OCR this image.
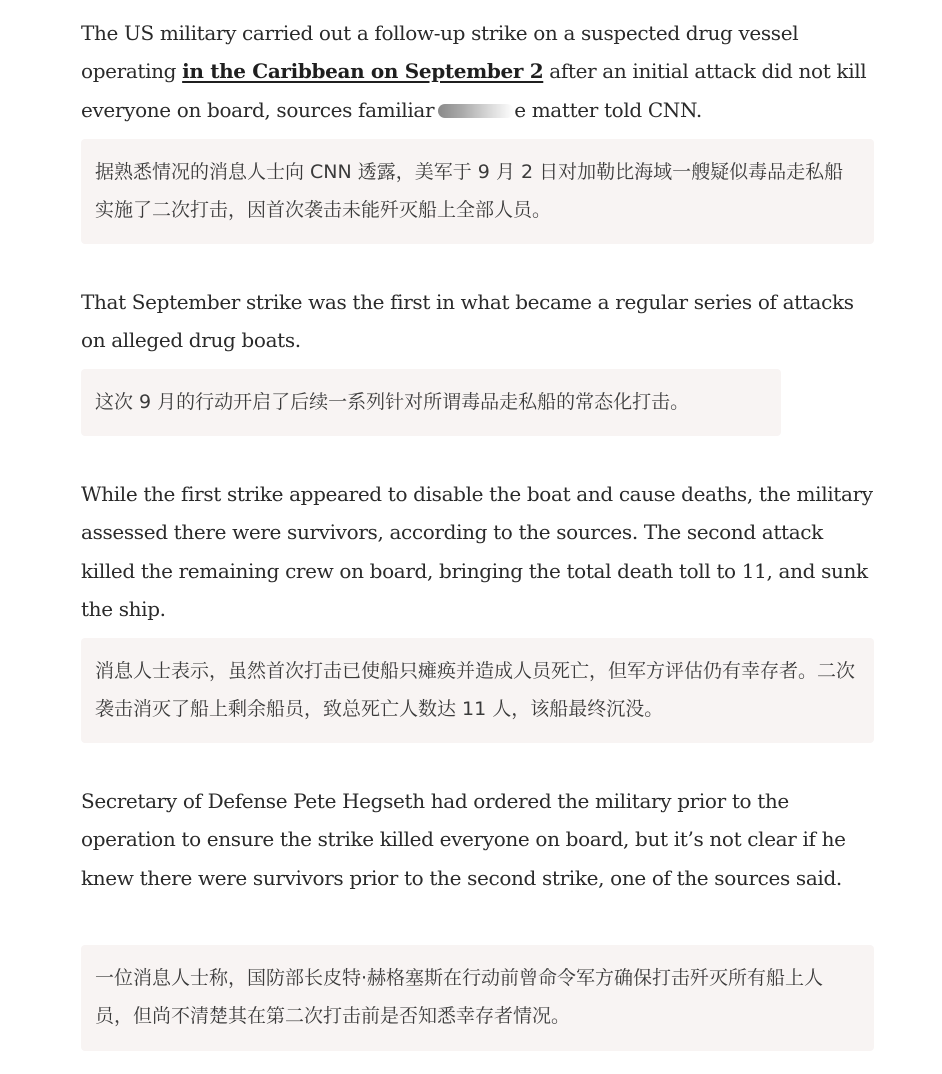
The US military carried out a follow-up strike on a suspected drug vessel operating in the Caribbean on September 2 after an initial attack did not kill everyone on board, sources familiar	e matter told CNN.

据熟悉情况的消息人士向 CNN 透露，美军于 9 月 2 日对加勒比海域一艘疑似毒品走私船实施了二次打击，因首次袭击未能歼灭船上全部人员。

That September strike was the first in what became a regular series of attacks on alleged drug boats.

这次 9 月的行动开启了后续一系列针对所谓毒品走私船的常态化打击。

While the first strike appeared to disable the boat and cause deaths, the military assessed there were survivors, according to the sources. The second attack killed the remaining crew on board, bringing the total death toll to 11, and sunk the ship.

消息人士表示，虽然首次打击已使船只瘫痪并造成人员死亡，但军方评估仍有幸存者。二次袭击消灭了船上剩余船员，致总死亡人数达 11 人，该船最终沉没。

Secretary of Defense Pete Hegseth had ordered the military prior to the operation to ensure the strike killed everyone on board, but it’s not clear if he knew there were survivors prior to the second strike, one of the sources said.

一位消息人士称，国防部长皮特·赫格塞斯在行动前曾命令军方确保打击歼灭所有船上人员，但尚不清楚其在第二次打击前是否知悉幸存者情况。
